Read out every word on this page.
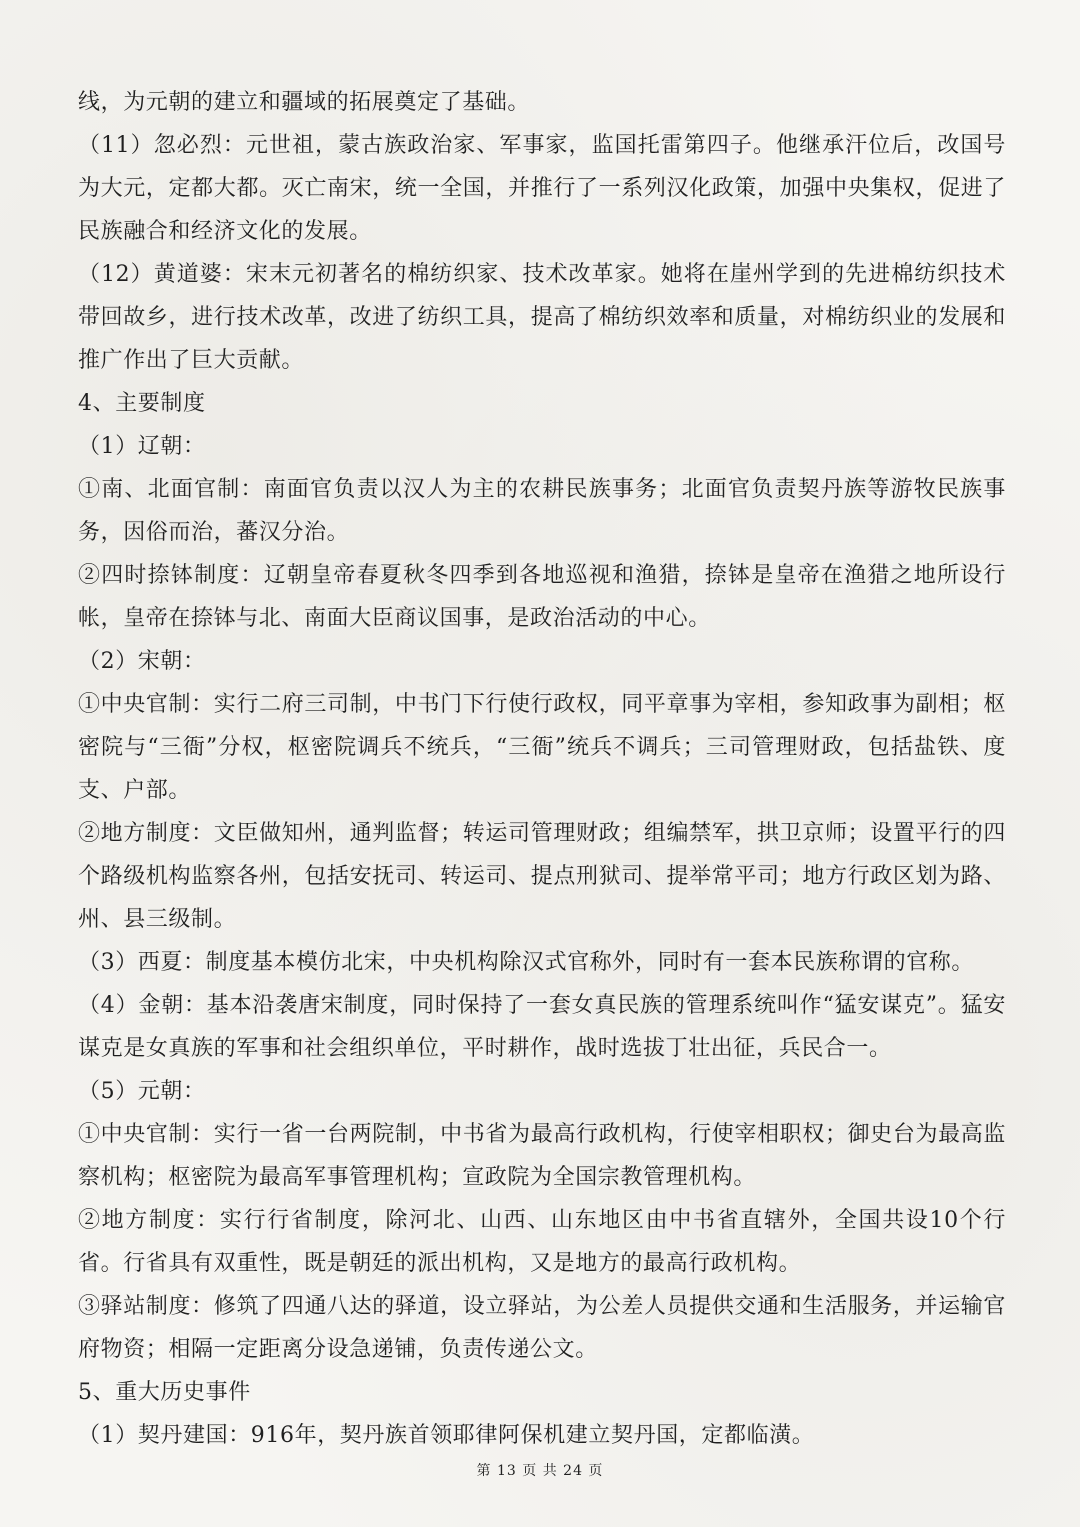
线，为元朝的建立和疆域的拓展奠定了基础。

（11）忽必烈：元世祖，蒙古族政治家、军事家，监国托雷第四子。他继承汗位后，改国号为大元，定都大都。灭亡南宋，统一全国，并推行了一系列汉化政策，加强中央集权，促进了民族融合和经济文化的发展。

（12）黄道婆：宋末元初著名的棉纺织家、技术改革家。她将在崖州学到的先进棉纺织技术带回故乡，进行技术改革，改进了纺织工具，提高了棉纺织效率和质量，对棉纺织业的发展和推广作出了巨大贡献。

4、主要制度

（1）辽朝：

①南、北面官制：南面官负责以汉人为主的农耕民族事务；北面官负责契丹族等游牧民族事务，因俗而治，蕃汉分治。

②四时捺钵制度：辽朝皇帝春夏秋冬四季到各地巡视和渔猎，捺钵是皇帝在渔猎之地所设行帐，皇帝在捺钵与北、南面大臣商议国事，是政治活动的中心。

（2）宋朝：

①中央官制：实行二府三司制，中书门下行使行政权，同平章事为宰相，参知政事为副相；枢密院与“三衙”分权，枢密院调兵不统兵，“三衙”统兵不调兵；三司管理财政，包括盐铁、度支、户部。

②地方制度：文臣做知州，通判监督；转运司管理财政；组编禁军，拱卫京师；设置平行的四个路级机构监察各州，包括安抚司、转运司、提点刑狱司、提举常平司；地方行政区划为路、州、县三级制。

（3）西夏：制度基本模仿北宋，中央机构除汉式官称外，同时有一套本民族称谓的官称。

（4）金朝：基本沿袭唐宋制度，同时保持了一套女真民族的管理系统叫作“猛安谋克”。猛安谋克是女真族的军事和社会组织单位，平时耕作，战时选拔丁壮出征，兵民合一。

（5）元朝：

①中央官制：实行一省一台两院制，中书省为最高行政机构，行使宰相职权；御史台为最高监察机构；枢密院为最高军事管理机构；宣政院为全国宗教管理机构。

②地方制度：实行行省制度，除河北、山西、山东地区由中书省直辖外，全国共设10个行省。行省具有双重性，既是朝廷的派出机构，又是地方的最高行政机构。

③驿站制度：修筑了四通八达的驿道，设立驿站，为公差人员提供交通和生活服务，并运输官府物资；相隔一定距离分设急递铺，负责传递公文。

5、重大历史事件

（1）契丹建国：916年，契丹族首领耶律阿保机建立契丹国，定都临潢。

第 13 页 共 24 页
